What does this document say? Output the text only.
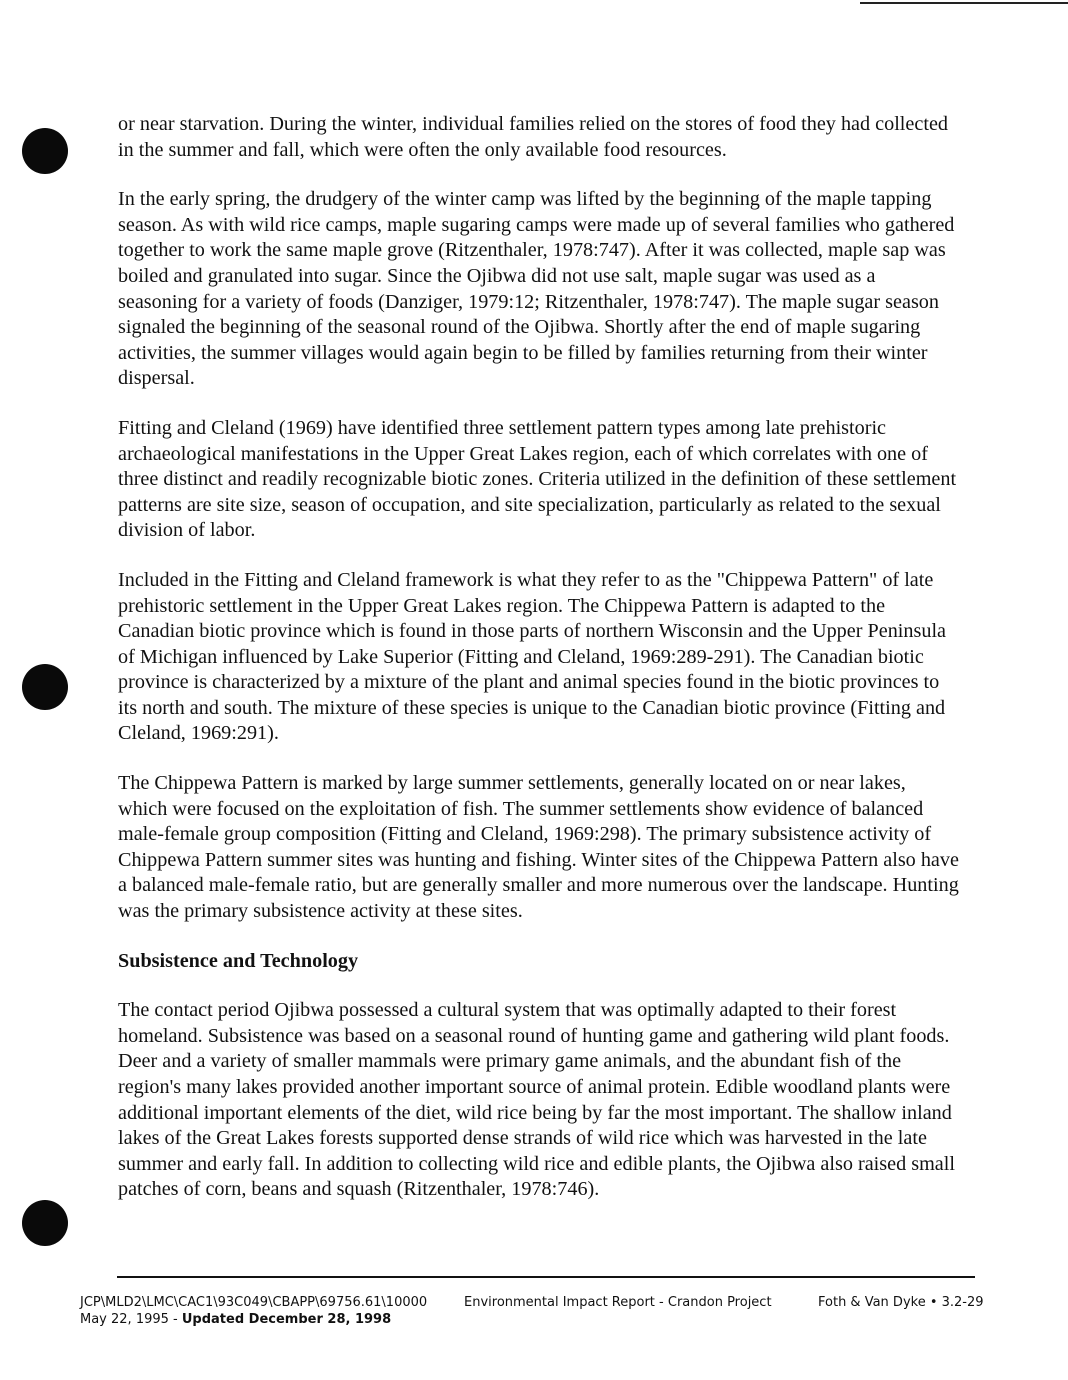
or near starvation. During the winter, individual families relied on the stores of food they had collected in the summer and fall, which were often the only available food resources.

In the early spring, the drudgery of the winter camp was lifted by the beginning of the maple tapping season. As with wild rice camps, maple sugaring camps were made up of several families who gathered together to work the same maple grove (Ritzenthaler, 1978:747). After it was collected, maple sap was boiled and granulated into sugar. Since the Ojibwa did not use salt, maple sugar was used as a seasoning for a variety of foods (Danziger, 1979:12; Ritzenthaler, 1978:747). The maple sugar season signaled the beginning of the seasonal round of the Ojibwa. Shortly after the end of maple sugaring activities, the summer villages would again begin to be filled by families returning from their winter dispersal.

Fitting and Cleland (1969) have identified three settlement pattern types among late prehistoric archaeological manifestations in the Upper Great Lakes region, each of which correlates with one of three distinct and readily recognizable biotic zones. Criteria utilized in the definition of these settlement patterns are site size, season of occupation, and site specialization, particularly as related to the sexual division of labor.

Included in the Fitting and Cleland framework is what they refer to as the "Chippewa Pattern" of late prehistoric settlement in the Upper Great Lakes region. The Chippewa Pattern is adapted to the Canadian biotic province which is found in those parts of northern Wisconsin and the Upper Peninsula of Michigan influenced by Lake Superior (Fitting and Cleland, 1969:289-291). The Canadian biotic province is characterized by a mixture of the plant and animal species found in the biotic provinces to its north and south. The mixture of these species is unique to the Canadian biotic province (Fitting and Cleland, 1969:291).

The Chippewa Pattern is marked by large summer settlements, generally located on or near lakes, which were focused on the exploitation of fish. The summer settlements show evidence of balanced male-female group composition (Fitting and Cleland, 1969:298). The primary subsistence activity of Chippewa Pattern summer sites was hunting and fishing. Winter sites of the Chippewa Pattern also have a balanced male-female ratio, but are generally smaller and more numerous over the landscape. Hunting was the primary subsistence activity at these sites.

Subsistence and Technology

The contact period Ojibwa possessed a cultural system that was optimally adapted to their forest homeland. Subsistence was based on a seasonal round of hunting game and gathering wild plant foods. Deer and a variety of smaller mammals were primary game animals, and the abundant fish of the region's many lakes provided another important source of animal protein. Edible woodland plants were additional important elements of the diet, wild rice being by far the most important. The shallow inland lakes of the Great Lakes forests supported dense strands of wild rice which was harvested in the late summer and early fall. In addition to collecting wild rice and edible plants, the Ojibwa also raised small patches of corn, beans and squash (Ritzenthaler, 1978:746).

JCP\MLD2\LMC\CAC1\93C049\CBAPP\69756.61\10000
May 22, 1995 - Updated December 28, 1998
Environmental Impact Report - Crandon Project	Foth & Van Dyke • 3.2-29
